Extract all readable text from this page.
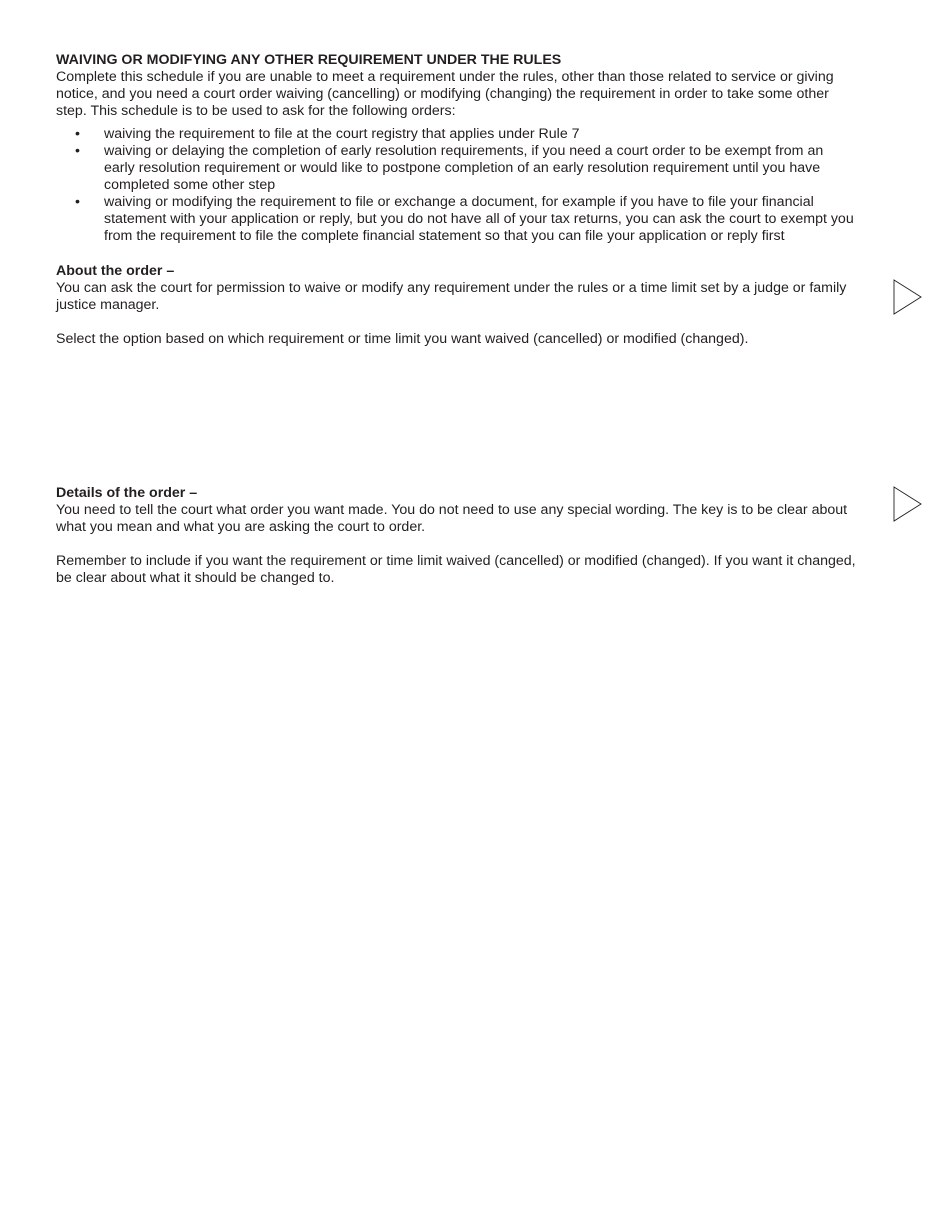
WAIVING OR MODIFYING ANY OTHER REQUIREMENT UNDER THE RULES

Complete this schedule if you are unable to meet a requirement under the rules, other than those related to service or giving notice, and you need a court order waiving (cancelling) or modifying (changing) the requirement in order to take some other step. This schedule is to be used to ask for the following orders:

• waiving the requirement to file at the court registry that applies under Rule 7
• waiving or delaying the completion of early resolution requirements, if you need a court order to be exempt from an early resolution requirement or would like to postpone completion of an early resolution requirement until you have completed some other step
• waiving or modifying the requirement to file or exchange a document, for example if you have to file your financial statement with your application or reply, but you do not have all of your tax returns, you can ask the court to exempt you from the requirement to file the complete financial statement so that you can file your application or reply first

About the order –

You can ask the court for permission to waive or modify any requirement under the rules or a time limit set by a judge or family justice manager.

Select the option based on which requirement or time limit you want waived (cancelled) or modified (changed).

Details of the order –

You need to tell the court what order you want made. You do not need to use any special wording. The key is to be clear about what you mean and what you are asking the court to order.

Remember to include if you want the requirement or time limit waived (cancelled) or modified (changed). If you want it changed, be clear about what it should be changed to.
